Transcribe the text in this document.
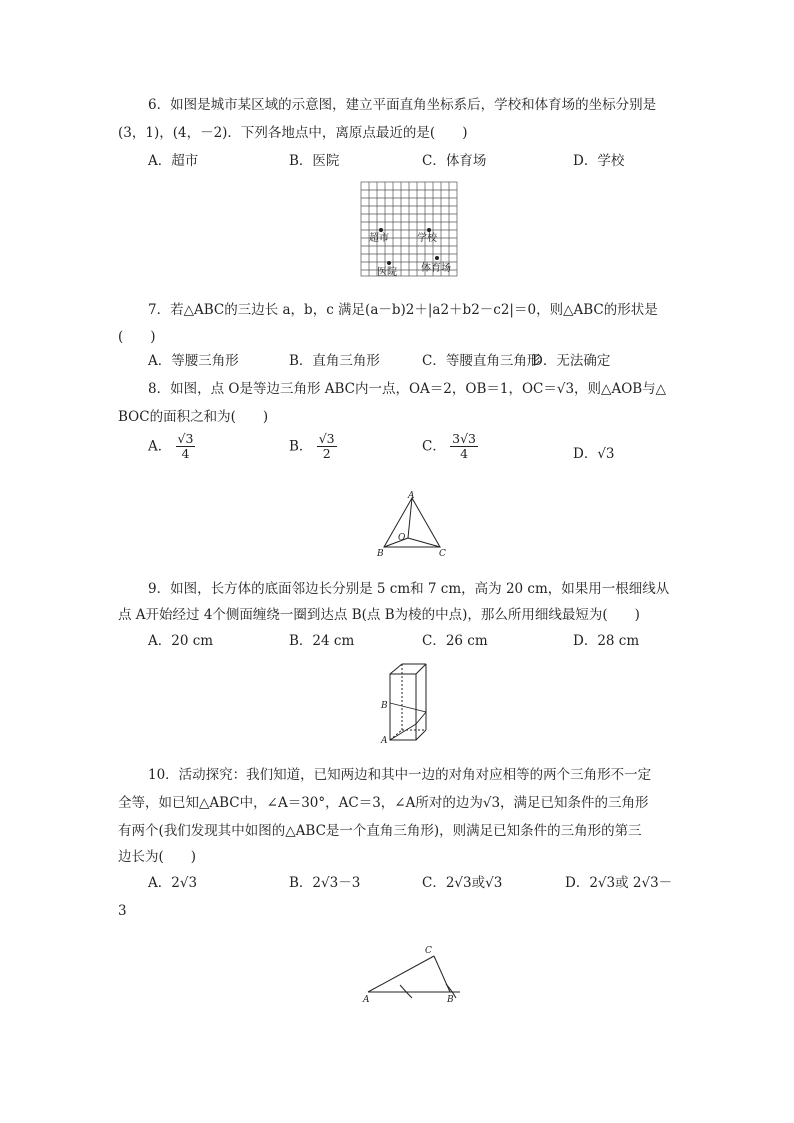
6．如图是城市某区域的示意图，建立平面直角坐标系后，学校和体育场的坐标分别是
(3，1)，(4，－2)．下列各地点中，离原点最近的是(　　)
A．超市	B．医院	C．体育场	D．学校
超市	学校
医院 体育场
7．若△ABC的三边长 a，b，c 满足(a－b)2＋|a2＋b2－c2|＝0，则△ABC的形状是
(　　)
A．等腰三角形	B．直角三角形	C．等腰直角三角形
D．无法确定
8．如图，点 O是等边三角形 ABC内一点，OA＝2，OB＝1，OC＝√3，则△AOB与△
BOC的面积之和为(　　)
A． $\frac{√3}{4}$	B． $\frac{√3}{2}$	C． $\frac{3√3}{4}$	D．√3
A
B	C
O
9．如图，长方体的底面邻边长分别是 5 cm和 7 cm，高为 20 cm，如果用一根细线从
点 A开始经过 4个侧面缠绕一圈到达点 B(点 B为棱的中点)，那么所用细线最短为(　　)
A．20 cm	B．24 cm	C．26 cm	D．28 cm
B
A
10．活动探究：我们知道，已知两边和其中一边的对角对应相等的两个三角形不一定
全等，如已知△ABC中，∠A＝30°，AC＝3，∠A所对的边为√3，满足已知条件的三角形
有两个(我们发现其中如图的△ABC是一个直角三角形)，则满足已知条件的三角形的第三
边长为(　　)
A．2√3	B．2√3－3	C．2√3或√3	D．2√3或 2√3－
3
A	B
C
